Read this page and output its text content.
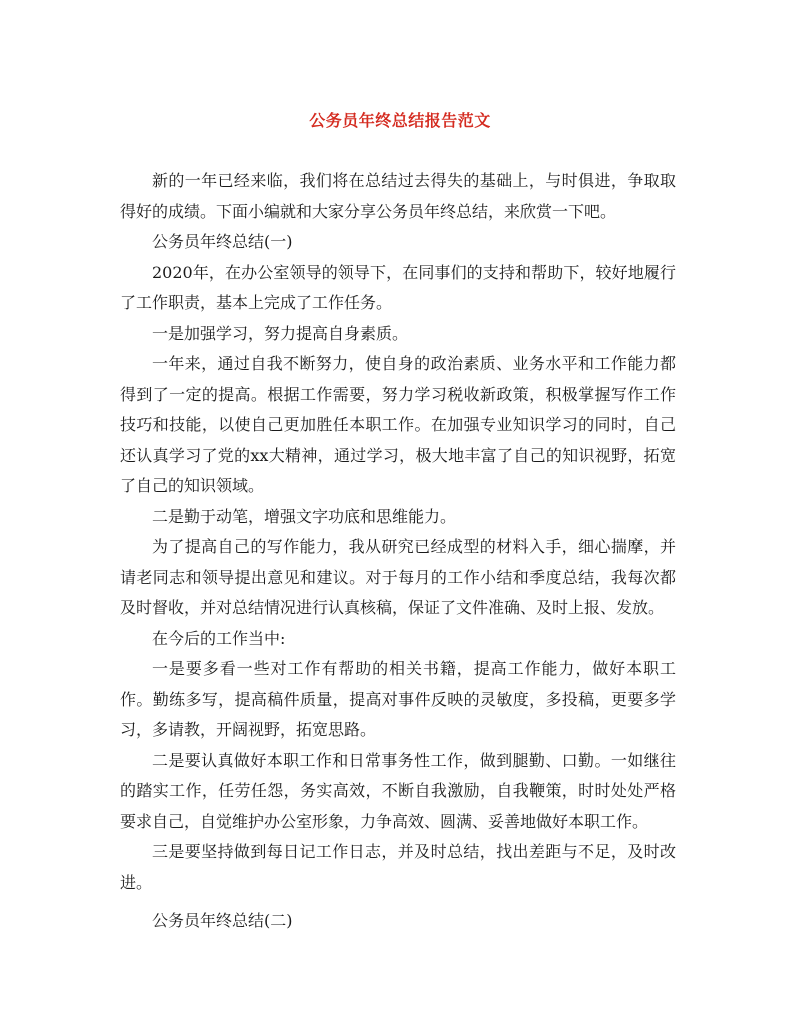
公务员年终总结报告范文

新的一年已经来临，我们将在总结过去得失的基础上，与时俱进，争取取得好的成绩。下面小编就和大家分享公务员年终总结，来欣赏一下吧。

公务员年终总结(一)

2020年，在办公室领导的领导下，在同事们的支持和帮助下，较好地履行了工作职责，基本上完成了工作任务。

一是加强学习，努力提高自身素质。

一年来，通过自我不断努力，使自身的政治素质、业务水平和工作能力都得到了一定的提高。根据工作需要，努力学习税收新政策，积极掌握写作工作技巧和技能，以使自己更加胜任本职工作。在加强专业知识学习的同时，自己还认真学习了党的xx大精神，通过学习，极大地丰富了自己的知识视野，拓宽了自己的知识领域。

二是勤于动笔，增强文字功底和思维能力。

为了提高自己的写作能力，我从研究已经成型的材料入手，细心揣摩，并请老同志和领导提出意见和建议。对于每月的工作小结和季度总结，我每次都及时督收，并对总结情况进行认真核稿，保证了文件准确、及时上报、发放。

在今后的工作当中:

一是要多看一些对工作有帮助的相关书籍，提高工作能力，做好本职工作。勤练多写，提高稿件质量，提高对事件反映的灵敏度，多投稿，更要多学习，多请教，开阔视野，拓宽思路。

二是要认真做好本职工作和日常事务性工作，做到腿勤、口勤。一如继往的踏实工作，任劳任怨，务实高效，不断自我激励，自我鞭策，时时处处严格要求自己，自觉维护办公室形象，力争高效、圆满、妥善地做好本职工作。

三是要坚持做到每日记工作日志，并及时总结，找出差距与不足，及时改进。

公务员年终总结(二)
